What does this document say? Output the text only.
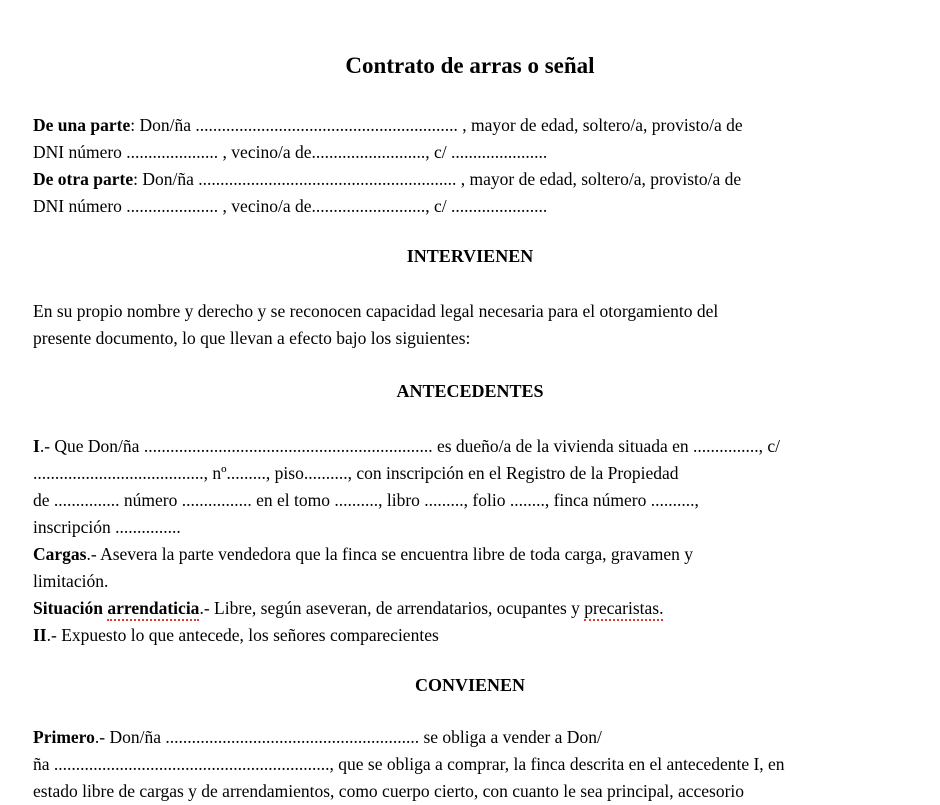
Contrato de arras o señal

De una parte: Don/ña ............................................................ , mayor de edad, soltero/a, provisto/a de

DNI número ..................... , vecino/a de.........................., c/ ......................

De otra parte: Don/ña ........................................................... , mayor de edad, soltero/a, provisto/a de

DNI número ..................... , vecino/a de.........................., c/ ......................

INTERVIENEN

En su propio nombre y derecho y se reconocen capacidad legal necesaria para el otorgamiento del

presente documento, lo que llevan a efecto bajo los siguientes:

ANTECEDENTES

I.- Que Don/ña .................................................................. es dueño/a de la vivienda situada en ..............., c/

......................................., nº........., piso.........., con inscripción en el Registro de la Propiedad

de ............... número ................ en el tomo .........., libro ........., folio ........, finca número ..........,

inscripción ...............

Cargas.- Asevera la parte vendedora que la finca se encuentra libre de toda carga, gravamen y

limitación.

Situación arrendaticia.- Libre, según aseveran, de arrendatarios, ocupantes y precaristas.

II.- Expuesto lo que antecede, los señores comparecientes

CONVIENEN

Primero.- Don/ña .......................................................... se obliga a vender a Don/

ña ..............................................................., que se obliga a comprar, la finca descrita en el antecedente I, en

estado libre de cargas y de arrendamientos, como cuerpo cierto, con cuanto le sea principal, accesorio
